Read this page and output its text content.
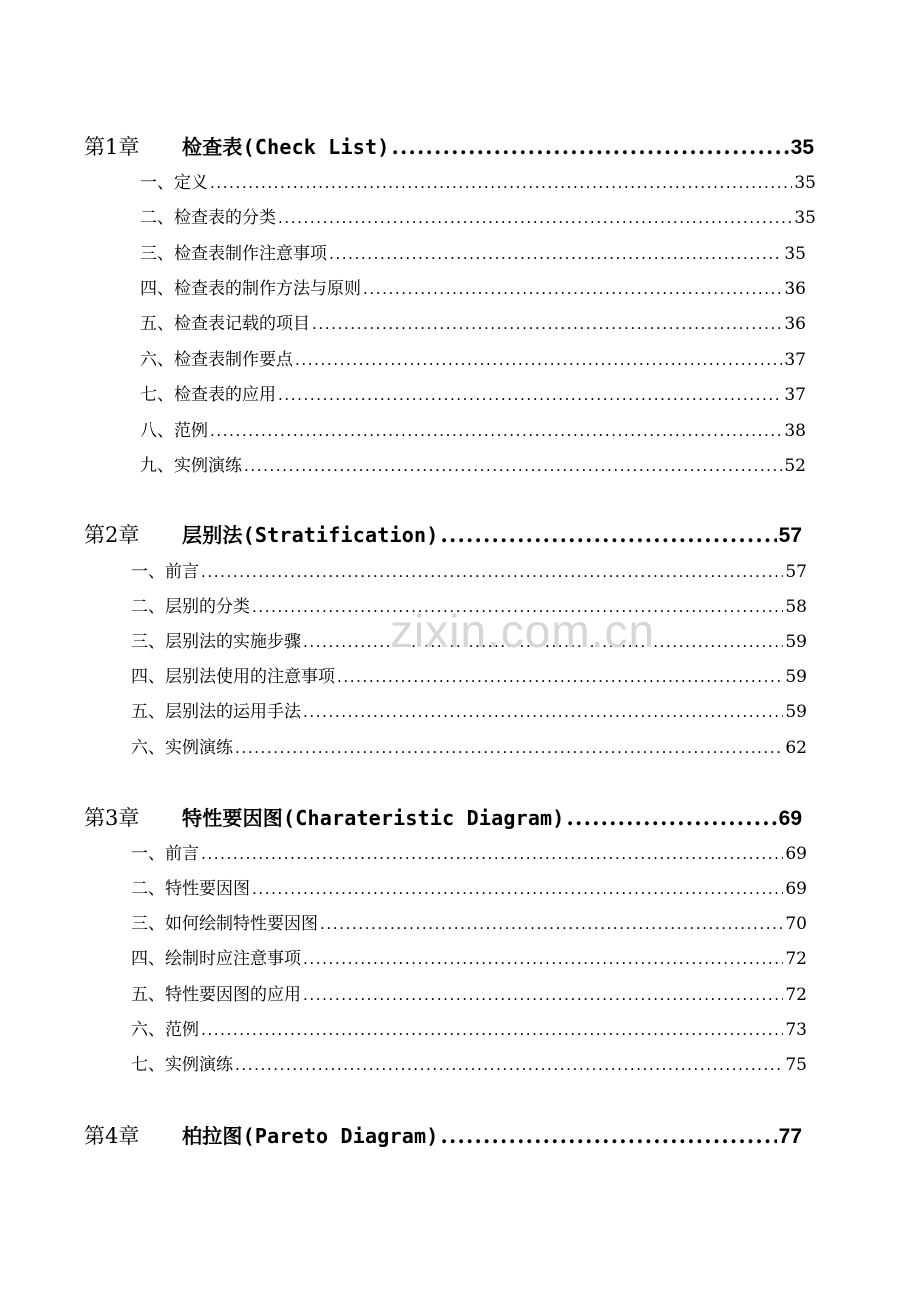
第1章	检查表(Check List) .....	35
一、定义 .....	35
二、检查表的分类 .....	35
三、检查表制作注意事项 .....	35
四、检查表的制作方法与原则 .....	36
五、检查表记载的项目 .....	36
六、检查表制作要点 .....	37
七、检查表的应用 .....	37
八、范例 .....	38
九、实例演练 .....	52
第2章	层别法(Stratification) .....	57
一、前言 .....	57
二、层别的分类 .....	58
三、层别法的实施步骤 .....	59
四、层别法使用的注意事项 .....	59
五、层别法的运用手法 .....	59
六、实例演练 .....	62
第3章	特性要因图(Charateristic Diagram) .....	69
一、前言 .....	69
二、特性要因图 .....	69
三、如何绘制特性要因图 .....	70
四、绘制时应注意事项 .....	72
五、特性要因图的应用 .....	72
六、范例 .....	73
七、实例演练 .....	75
第4章	柏拉图(Pareto Diagram) .....	77
zixin.com.cn
